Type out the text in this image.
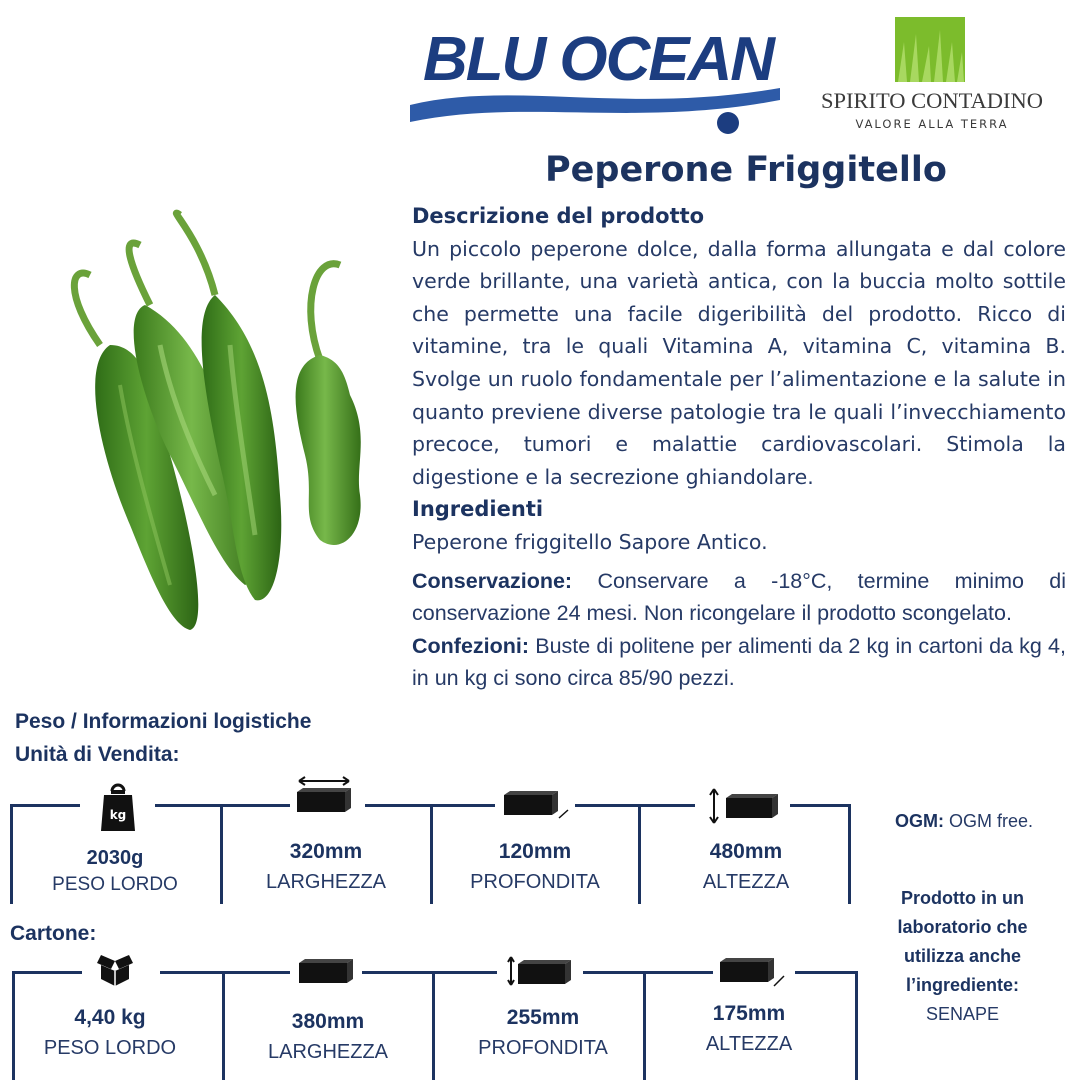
BLU OCEAN
SPIRITO CONTADINO
VALORE ALLA TERRA
Peperone Friggitello
Descrizione del prodotto

Un piccolo peperone dolce, dalla forma allungata e dal colore verde brillante, una varietà antica, con la buccia molto sottile che permette una facile digeribilità del prodotto. Ricco di vitamine, tra le quali Vitamina A, vitamina C, vitamina B. Svolge un ruolo fondamentale per l’alimentazione e la salute in quanto previene diverse patologie tra le quali l’invecchiamento precoce, tumori e malattie cardiovascolari. Stimola la digestione e la secrezione ghiandolare.

Ingredienti

Peperone friggitello Sapore Antico.

Conservazione: Conservare a -18°C, termine minimo di conservazione 24 mesi. Non ricongelare il prodotto scongelato.

Confezioni: Buste di politene per alimenti da 2 kg in cartoni da kg 4, in un kg ci sono circa 85/90 pezzi.

Peso / Informazioni logistiche
Unità di Vendita:
kg
2030g
PESO LORDO
320mm
LARGHEZZA
120mm
PROFONDITA
480mm
ALTEZZA
OGM: OGM free.
Cartone:
4,40 kg
PESO LORDO
380mm
LARGHEZZA
255mm
PROFONDITA
175mm
ALTEZZA
Prodotto in un laboratorio che utilizza anche l’ingrediente:
SENAPE
